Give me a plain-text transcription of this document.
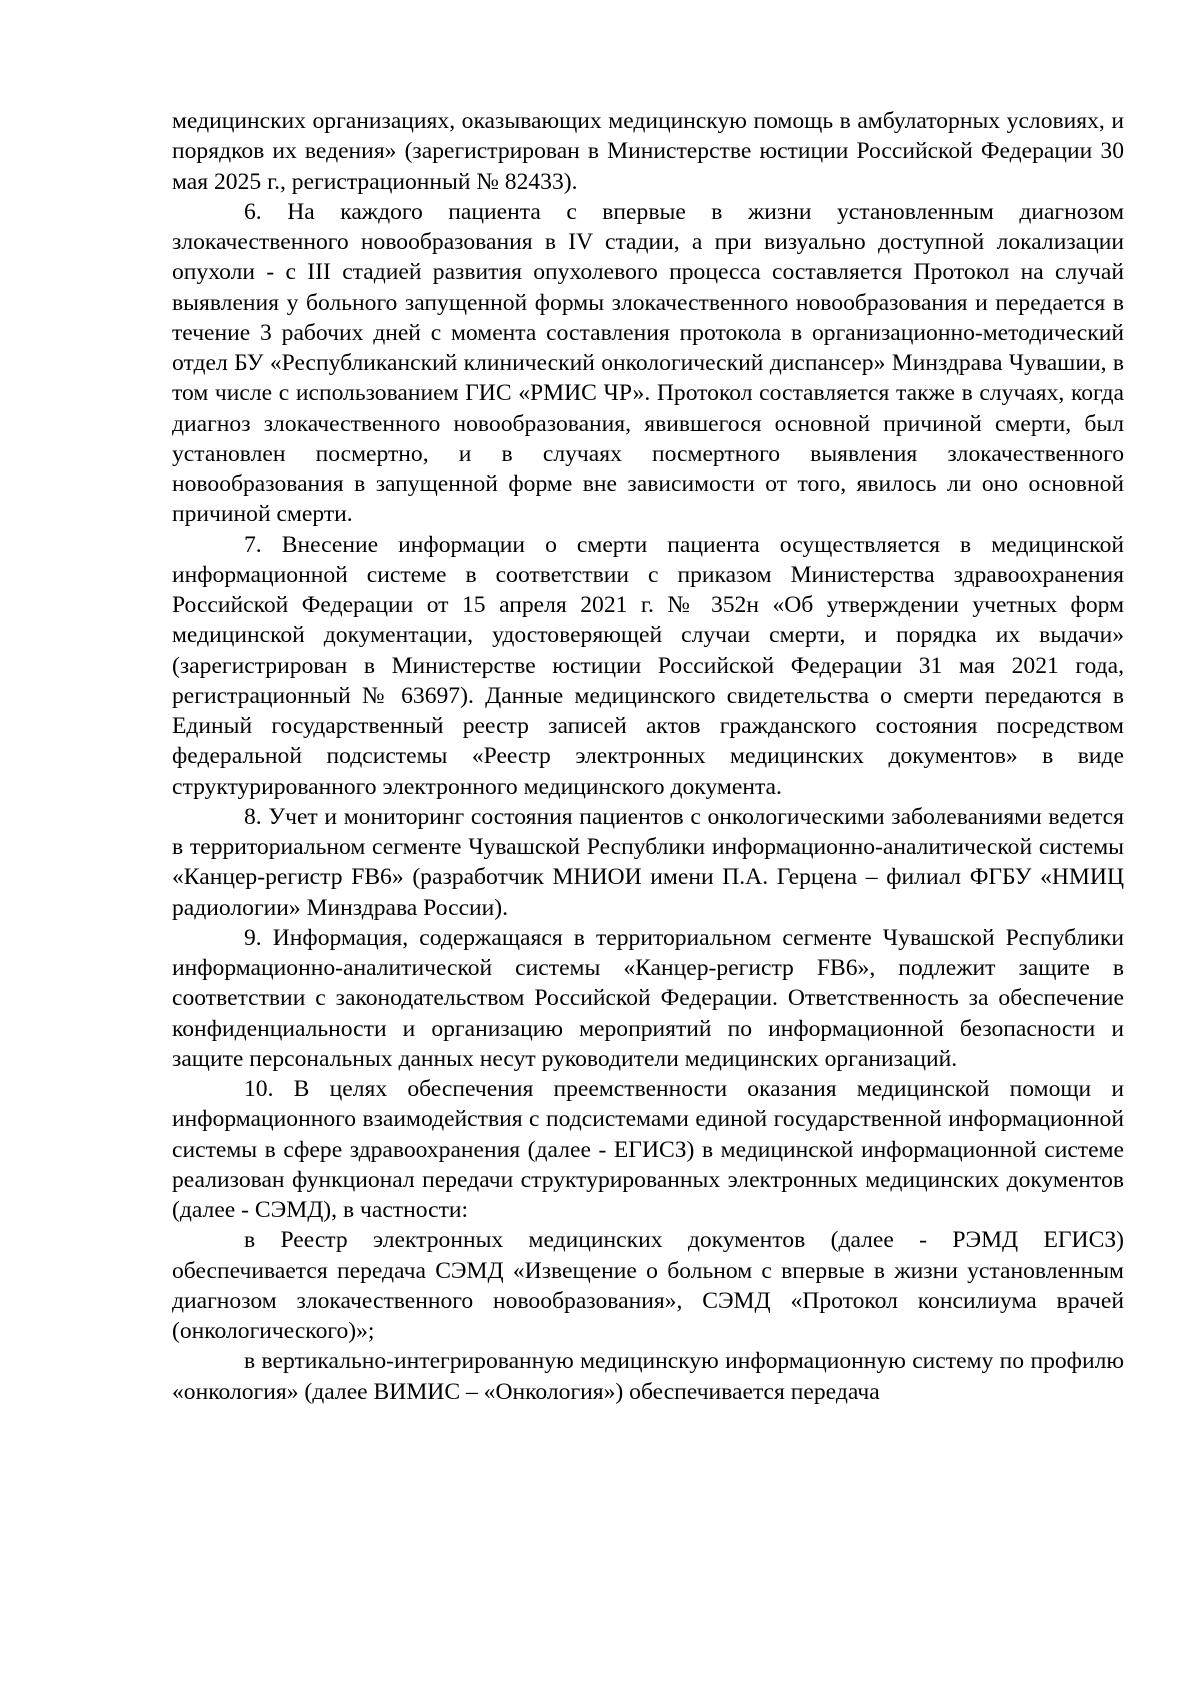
медицинских организациях, оказывающих медицинскую помощь в амбулаторных условиях, и порядков их ведения» (зарегистрирован в Министерстве юстиции Российской Федерации 30 мая 2025 г., регистрационный № 82433).

6. На каждого пациента с впервые в жизни установленным диагнозом злокачественного новообразования в IV стадии, а при визуально доступной локализации опухоли - с III стадией развития опухолевого процесса составляется Протокол на случай выявления у больного запущенной формы злокачественного новообразования и передается в течение 3 рабочих дней с момента составления протокола в организационно-методический отдел БУ «Республиканский клинический онкологический диспансер» Минздрава Чувашии, в том числе с использованием ГИС «РМИС ЧР». Протокол составляется также в случаях, когда диагноз злокачественного новообразования, явившегося основной причиной смерти, был установлен посмертно, и в случаях посмертного выявления злокачественного новообразования в запущенной форме вне зависимости от того, явилось ли оно основной причиной смерти.

7. Внесение информации о смерти пациента осуществляется в медицинской информационной системе в соответствии с приказом Министерства здравоохранения Российской Федерации от 15 апреля 2021 г. № 352н «Об утверждении учетных форм медицинской документации, удостоверяющей случаи смерти, и порядка их выдачи» (зарегистрирован в Министерстве юстиции Российской Федерации 31 мая 2021 года, регистрационный № 63697). Данные медицинского свидетельства о смерти передаются в Единый государственный реестр записей актов гражданского состояния посредством федеральной подсистемы «Реестр электронных медицинских документов» в виде структурированного электронного медицинского документа.

8. Учет и мониторинг состояния пациентов с онкологическими заболеваниями ведется в территориальном сегменте Чувашской Республики информационно-аналитической системы «Канцер-регистр FB6» (разработчик МНИОИ имени П.А. Герцена – филиал ФГБУ «НМИЦ радиологии» Минздрава России).

9. Информация, содержащаяся в территориальном сегменте Чувашской Республики информационно-аналитической системы «Канцер-регистр FB6», подлежит защите в соответствии с законодательством Российской Федерации. Ответственность за обеспечение конфиденциальности и организацию мероприятий по информационной безопасности и защите персональных данных несут руководители медицинских организаций.

10. В целях обеспечения преемственности оказания медицинской помощи и информационного взаимодействия с подсистемами единой государственной информационной системы в сфере здравоохранения (далее - ЕГИСЗ) в медицинской информационной системе реализован функционал передачи структурированных электронных медицинских документов (далее - СЭМД), в частности:

в Реестр электронных медицинских документов (далее - РЭМД ЕГИСЗ) обеспечивается передача СЭМД «Извещение о больном с впервые в жизни установленным диагнозом злокачественного новообразования», СЭМД «Протокол консилиума врачей (онкологического)»;

в вертикально-интегрированную медицинскую информационную систему по профилю «онкология» (далее ВИМИС – «Онкология») обеспечивается передача
